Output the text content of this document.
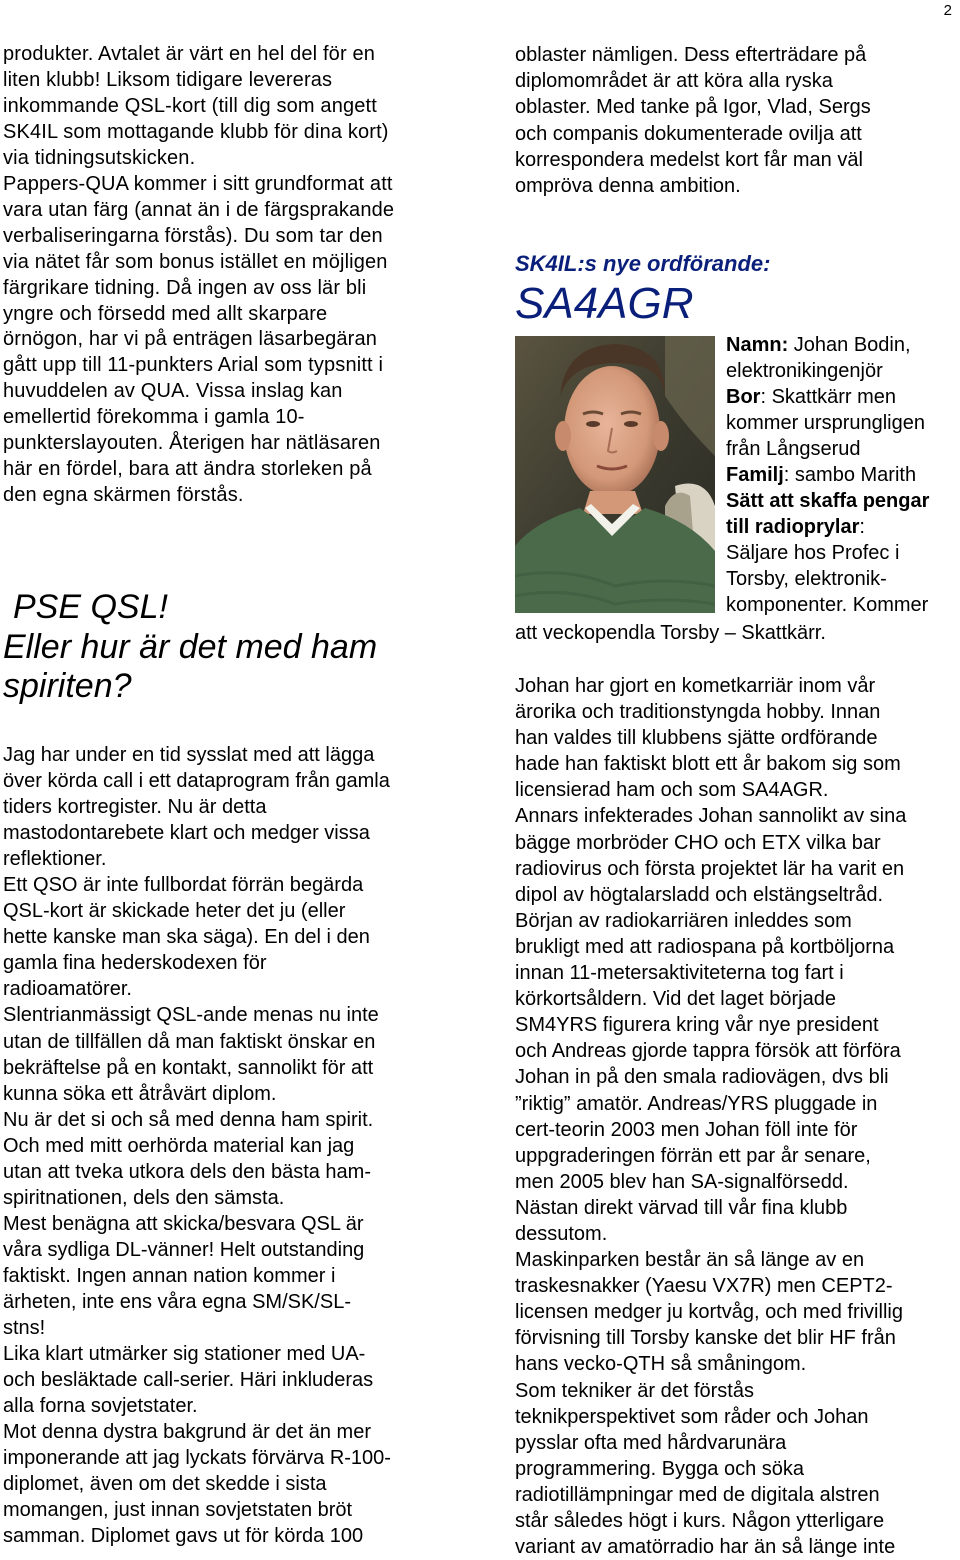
2

produkter. Avtalet är värt en hel del för en
liten klubb! Liksom tidigare levereras
inkommande QSL-kort (till dig som angett
SK4IL som mottagande klubb för dina kort)
via tidningsutskicken.
Pappers-QUA kommer i sitt grundformat att
vara utan färg (annat än i de färgsprakande
verbaliseringarna förstås). Du som tar den
via nätet får som bonus istället en möjligen
färgrikare tidning. Då ingen av oss lär bli
yngre och försedd med allt skarpare
örnögon, har vi på enträgen läsarbegäran
gått upp till 11-punkters Arial som typsnitt i
huvuddelen av QUA. Vissa inslag kan
emellertid förekomma i gamla 10-
punkterslayouten. Återigen har nätläsaren
här en fördel, bara att ändra storleken på
den egna skärmen förstås.

PSE QSL!

Eller hur är det med ham
spiriten?

Jag har under en tid sysslat med att lägga
över körda call i ett dataprogram från gamla
tiders kortregister. Nu är detta
mastodontarebete klart och medger vissa
reflektioner.
Ett QSO är inte fullbordat förrän begärda
QSL-kort är skickade heter det ju (eller
hette kanske man ska säga). En del i den
gamla fina hederskodexen för
radioamatörer.
Slentrianmässigt QSL-ande menas nu inte
utan de tillfällen då man faktiskt önskar en
bekräftelse på en kontakt, sannolikt för att
kunna söka ett åtråvärt diplom.
Nu är det si och så med denna ham spirit.
Och med mitt oerhörda material kan jag
utan att tveka utkora dels den bästa ham-
spiritnationen, dels den sämsta.
Mest benägna att skicka/besvara QSL är
våra sydliga DL-vänner! Helt outstanding
faktiskt. Ingen annan nation kommer i
ärheten, inte ens våra egna SM/SK/SL-
stns!
Lika klart utmärker sig stationer med UA-
och besläktade call-serier. Häri inkluderas
alla forna sovjetstater.
Mot denna dystra bakgrund är det än mer
imponerande att jag lyckats förvärva R-100-
diplomet, även om det skedde i sista
momangen, just innan sovjetstaten bröt
samman. Diplomet gavs ut för körda 100

oblaster nämligen. Dess efterträdare på
diplomområdet är att köra alla ryska
oblaster. Med tanke på Igor, Vlad, Sergs
och companis dokumenterade ovilja att
korrespondera medelst kort får man väl
ompröva denna ambition.

SK4IL:s nye ordförande:

SA4AGR

Namn: Johan Bodin,

elektronikingenjör

Bor: Skattkärr men

kommer ursprungligen

från Långserud

Familj: sambo Marith

Sätt att skaffa pengar

till radioprylar:

Säljare hos Profec i

Torsby, elektronik-

komponenter. Kommer

att veckopendla Torsby – Skattkärr.

Johan har gjort en kometkarriär inom vår
ärorika och traditionstyngda hobby. Innan
han valdes till klubbens sjätte ordförande
hade han faktiskt blott ett år bakom sig som
licensierad ham och som SA4AGR.
Annars infekterades Johan sannolikt av sina
bägge morbröder CHO och ETX vilka bar
radiovirus och första projektet lär ha varit en
dipol av högtalarsladd och elstängseltråd.
Början av radiokarriären inleddes som
brukligt med att radiospana på kortböljorna
innan 11-metersaktiviteterna tog fart i
körkortsåldern. Vid det laget började
SM4YRS figurera kring vår nye president
och Andreas gjorde tappra försök att förföra
Johan in på den smala radiovägen, dvs bli
”riktig” amatör. Andreas/YRS pluggade in
cert-teorin 2003 men Johan föll inte för
uppgraderingen förrän ett par år senare,
men 2005 blev han SA-signalförsedd.
Nästan direkt värvad till vår fina klubb
dessutom.
Maskinparken består än så länge av en
traskesnakker (Yaesu VX7R) men CEPT2-
licensen medger ju kortvåg, och med frivillig
förvisning till Torsby kanske det blir HF från
hans vecko-QTH så småningom.
Som tekniker är det förstås
teknikperspektivet som råder och Johan
pysslar ofta med hårdvarunära
programmering. Bygga och söka
radiotillämpningar med de digitala alstren
står således högt i kurs. Någon ytterligare
variant av amatörradio har än så länge inte
